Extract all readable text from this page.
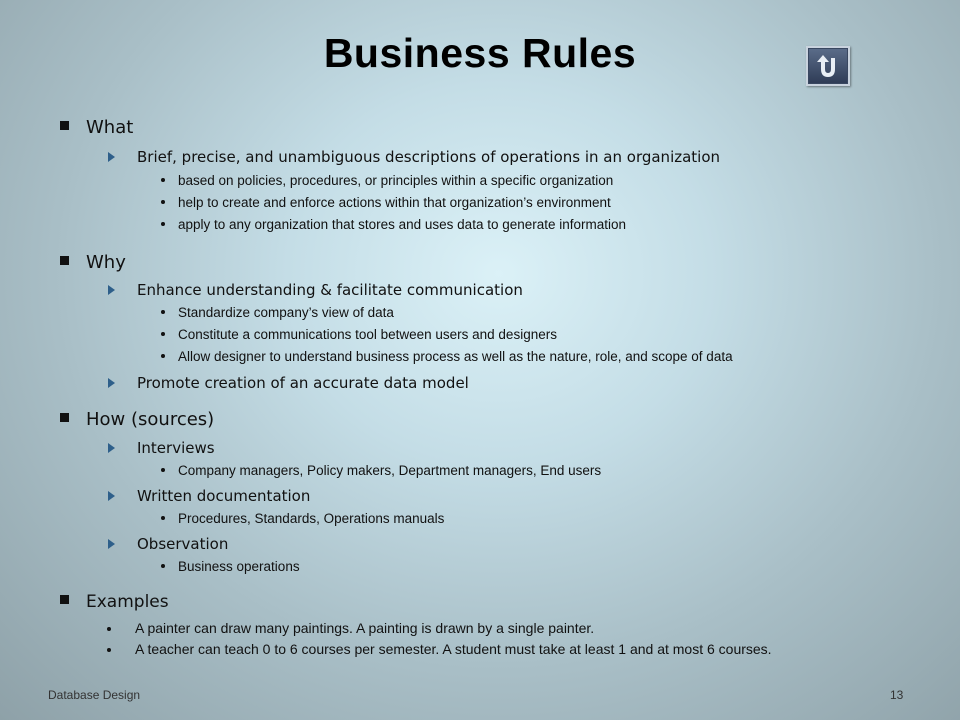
Business Rules
What
Brief, precise, and unambiguous descriptions of operations in an organization
based on policies, procedures, or principles within a specific organization
help to create and enforce actions within that organization’s environment
apply to any organization that stores and uses data to generate information
Why
Enhance understanding & facilitate communication
Standardize company’s view of data
Constitute a communications tool between users and designers
Allow designer to understand business process as well as the nature, role, and scope of data
Promote creation of an accurate data model
How (sources)
Interviews
Company managers, Policy makers, Department managers, End users
Written documentation
Procedures, Standards, Operations manuals
Observation
Business operations
Examples
A painter can draw many paintings. A painting is drawn by a single painter.
A teacher can teach 0 to 6 courses per semester. A student must take at least 1 and at most 6 courses.
Database Design	13
